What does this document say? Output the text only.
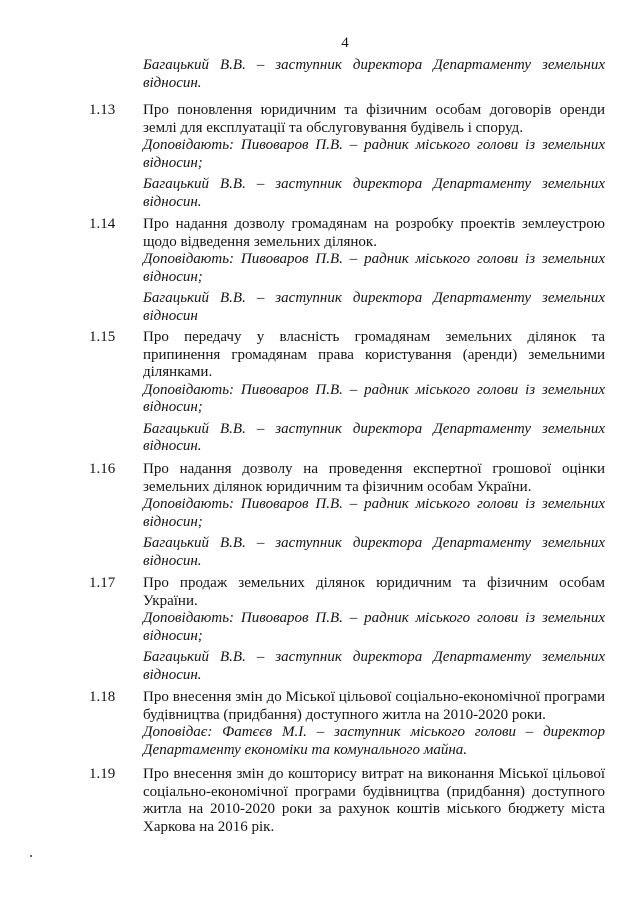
4

Багацький В.В. – заступник директора Департаменту земельних відносин.

1.13 Про поновлення юридичним та фізичним особам договорів оренди землі для експлуатації та обслуговування будівель і споруд.

Доповідають: Пивоваров П.В. – радник міського голови із земельних відносин;

Багацький В.В. – заступник директора Департаменту земельних відносин.

1.14 Про надання дозволу громадянам на розробку проектів землеустрою щодо відведення земельних ділянок.

Доповідають: Пивоваров П.В. – радник міського голови із земельних відносин;

Багацький В.В. – заступник директора Департаменту земельних відносин

1.15 Про передачу у власність громадянам земельних ділянок та припинення громадянам права користування (аренди) земельними ділянками.

Доповідають: Пивоваров П.В. – радник міського голови із земельних відносин;

Багацький В.В. – заступник директора Департаменту земельних відносин.

1.16 Про надання дозволу на проведення експертної грошової оцінки земельних ділянок юридичним та фізичним особам України.

Доповідають: Пивоваров П.В. – радник міського голови із земельних відносин;

Багацький В.В. – заступник директора Департаменту земельних відносин.

1.17 Про продаж земельних ділянок юридичним та фізичним особам України.

Доповідають: Пивоваров П.В. – радник міського голови із земельних відносин;

Багацький В.В. – заступник директора Департаменту земельних відносин.

1.18 Про внесення змін до Міської цільової соціально-економічної програми будівництва (придбання) доступного житла на 2010-2020 роки.

Доповідає: Фатєєв М.І. – заступник міського голови – директор Департаменту економіки та комунального майна.

1.19 Про внесення змін до кошторису витрат на виконання Міської цільової соціально-економічної програми будівництва (придбання) доступного житла на 2010-2020 роки за рахунок коштів міського бюджету міста Харкова на 2016 рік.
